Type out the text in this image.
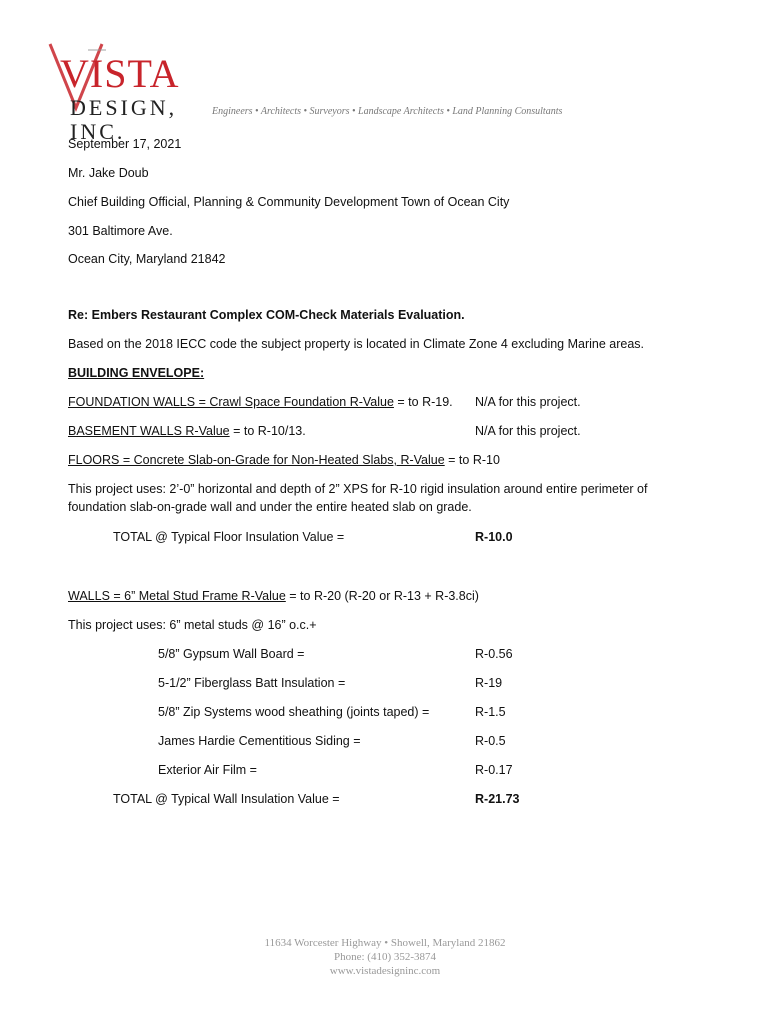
VISTA
DESIGN, INC.
Engineers • Architects • Surveyors • Landscape Architects • Land Planning Consultants
September 17, 2021
Mr. Jake Doub
Chief Building Official, Planning & Community Development Town of Ocean City
301 Baltimore Ave.
Ocean City, Maryland 21842
Re: Embers Restaurant Complex COM-Check Materials Evaluation.
Based on the 2018 IECC code the subject property is located in Climate Zone 4 excluding Marine areas.
BUILDING ENVELOPE:
FOUNDATION WALLS = Crawl Space Foundation R-Value = to R-19. N/A for this project.
BASEMENT WALLS R-Value = to R-10/13.	N/A for this project.
FLOORS = Concrete Slab-on-Grade for Non-Heated Slabs, R-Value = to R-10
This project uses: 2’-0” horizontal and depth of 2” XPS for R-10 rigid insulation around entire perimeter of
foundation slab-on-grade wall and under the entire heated slab on grade.
TOTAL @ Typical Floor Insulation Value =	R-10.0
WALLS = 6” Metal Stud Frame R-Value = to R-20 (R-20 or R-13 + R-3.8ci)
This project uses: 6” metal studs @ 16” o.c.+
5/8” Gypsum Wall Board =	R-0.56
5-1/2” Fiberglass Batt Insulation =	R-19
5/8” Zip Systems wood sheathing (joints taped) =	R-1.5
James Hardie Cementitious Siding =	R-0.5
Exterior Air Film =	R-0.17
TOTAL @ Typical Wall Insulation Value =	R-21.73
11634 Worcester Highway • Showell, Maryland 21862
Phone: (410) 352-3874
www.vistadesigninc.com
